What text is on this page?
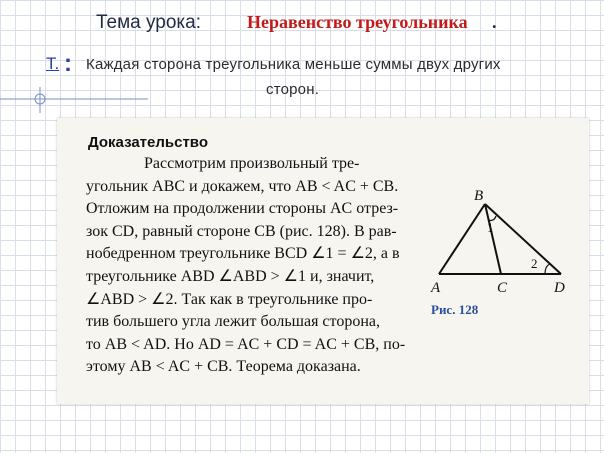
Тема урока:	Неравенство треугольника .
Т. : Каждая сторона треугольника меньше суммы двух других
сторон.
Доказательство
Рассмотрим произвольный тре-
угольник ABC и докажем, что AB < AC + CB.
Отложим на продолжении стороны AC отрез-
зок CD, равный стороне CB (рис. 128). В рав-
нобедренном треугольнике BCD ∠1 = ∠2, а в
треугольнике ABD ∠ABD > ∠1 и, значит,
∠ABD > ∠2. Так как в треугольнике про-
тив большего угла лежит большая сторона,
то AB < AD. Но AD = AC + CD = AC + CB, по-
этому AB < AC + CB. Теорема доказана.
B
A	C	D
1
2
Рис. 128
